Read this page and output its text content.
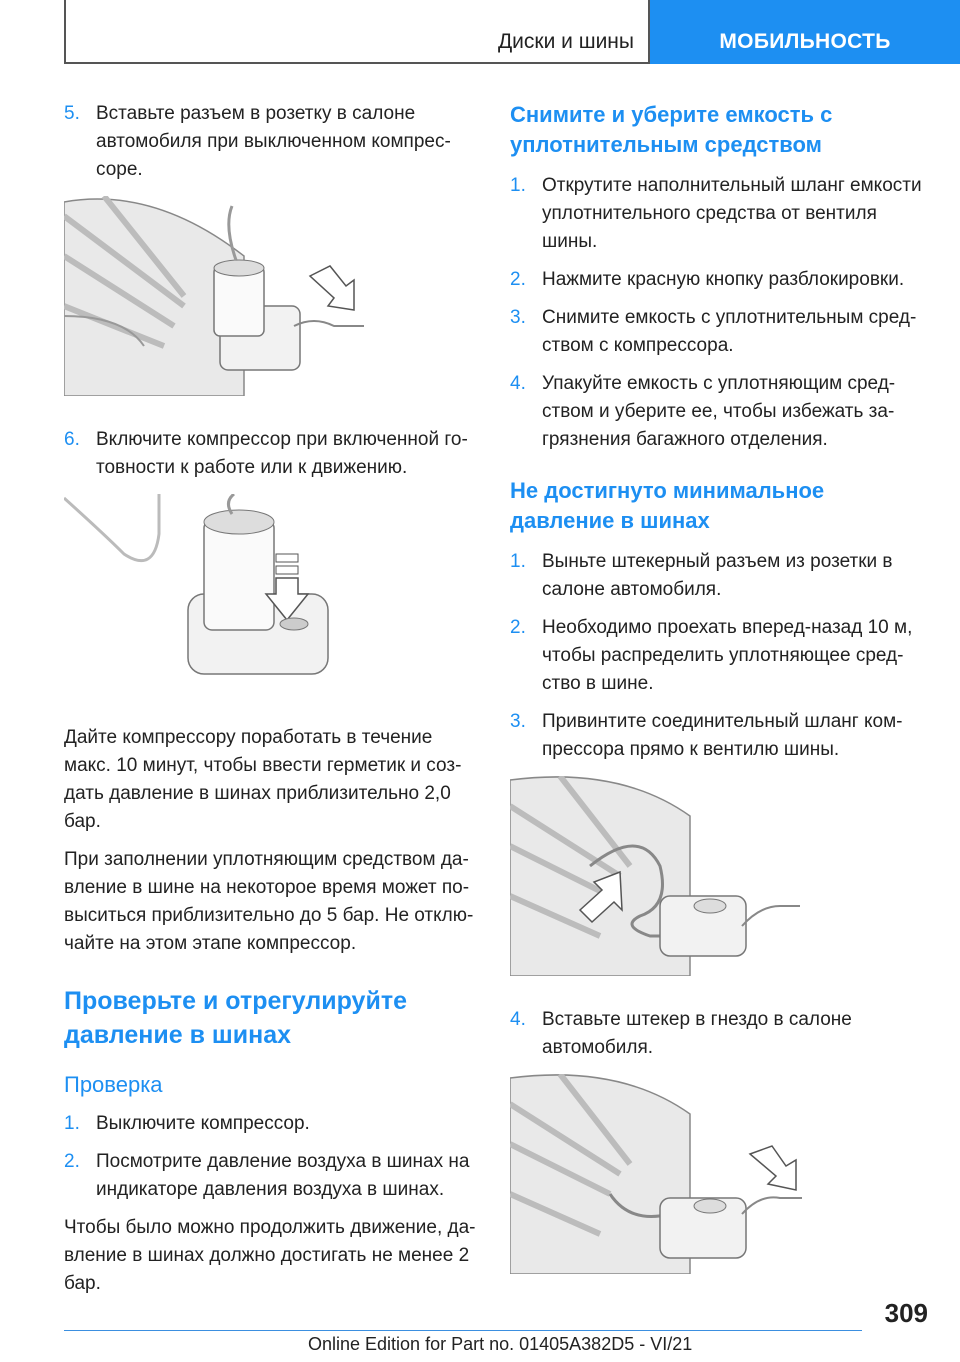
Диски и шины	МОБИЛЬНОСТЬ
5. Вставьте разъем в розетку в салоне автомобиля при выключенном компрес-соре.
6. Включите компрессор при включенной го-товности к работе или к движению.
Дайте компрессору поработать в течение макс. 10 минут, чтобы ввести герметик и соз-дать давление в шинах приблизительно 2,0 бар.
При заполнении уплотняющим средством да-вление в шине на некоторое время может по-выситься приблизительно до 5 бар. Не отклю-чайте на этом этапе компрессор.
Проверьте и отрегулируйте давление в шинах
Проверка
1. Выключите компрессор.
2. Посмотрите давление воздуха в шинах на индикаторе давления воздуха в шинах.
Чтобы было можно продолжить движение, да-вление в шинах должно достигать не менее 2 бар.
Снимите и уберите емкость с уплотнительным средством
1. Открутите наполнительный шланг емкости уплотнительного средства от вентиля шины.
2. Нажмите красную кнопку разблокировки.
3. Снимите емкость с уплотнительным сред-ством с компрессора.
4. Упакуйте емкость с уплотняющим сред-ством и уберите ее, чтобы избежать за-грязнения багажного отделения.
Не достигнуто минимальное давление в шинах
1. Выньте штекерный разъем из розетки в салоне автомобиля.
2. Необходимо проехать вперед-назад 10 м, чтобы распределить уплотняющее сред-ство в шине.
3. Привинтите соединительный шланг ком-прессора прямо к вентилю шины.
4. Вставьте штекер в гнездо в салоне автомобиля.
309
Online Edition for Part no. 01405A382D5 - VI/21
